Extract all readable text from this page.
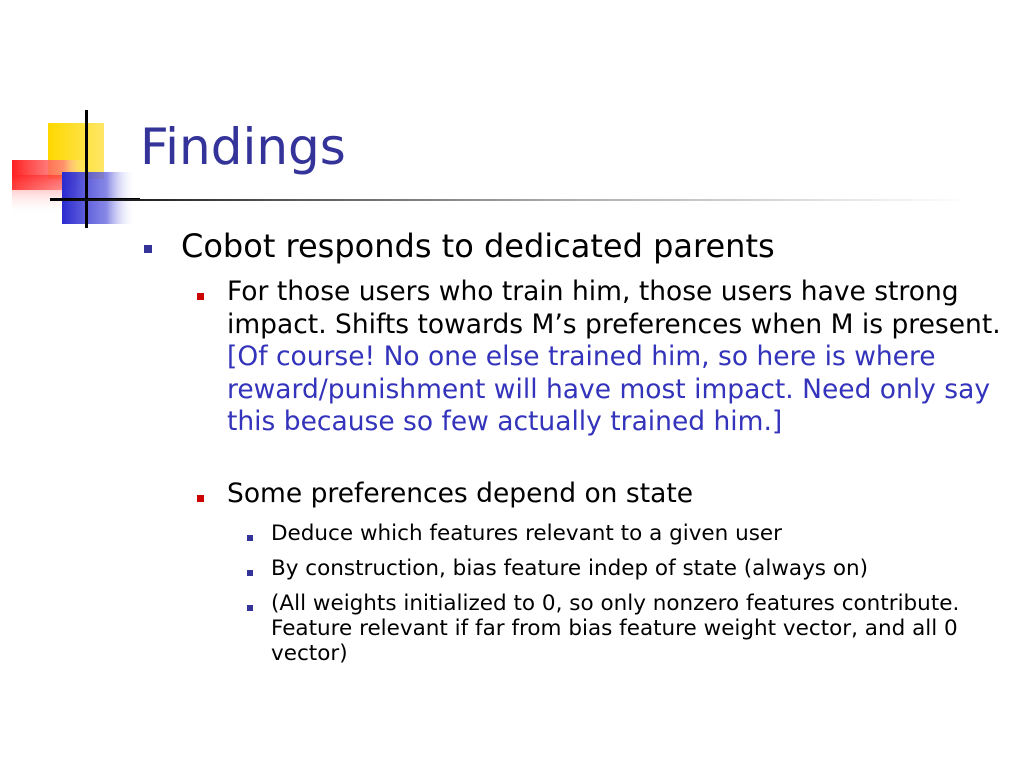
Findings

Cobot responds to dedicated parents

For those users who train him, those users have strong impact. Shifts towards M’s preferences when M is present. [Of course! No one else trained him, so here is where reward/punishment will have most impact. Need only say this because so few actually trained him.]

Some preferences depend on state

Deduce which features relevant to a given user

By construction, bias feature indep of state (always on)

(All weights initialized to 0, so only nonzero features contribute. Feature relevant if far from bias feature weight vector, and all 0 vector)
